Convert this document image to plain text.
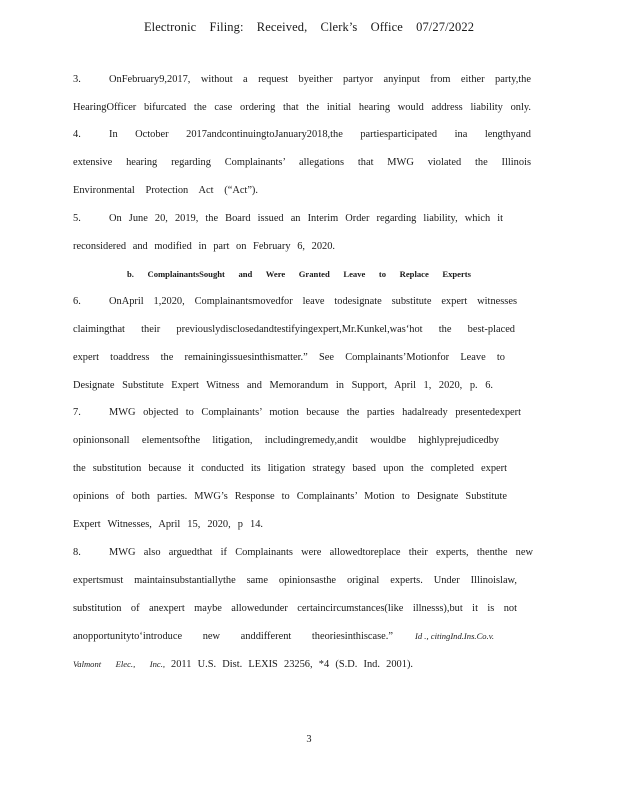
Electronic Filing: Received, Clerk’s Office 07/27/2022
3.	OnFebruary9,2017, without a request byeither partyor anyinput from either party,the
HearingOfficer bifurcated the case ordering that the initial hearing would address liability only.
4.	In October 2017andcontinuingtoJanuary2018,the partiesparticipated ina lengthyand
extensive hearing regarding Complainants’ allegations that MWG violated the Illinois
Environmental Protection Act (“Act”).
5.	On June 20, 2019, the Board issued an Interim Order regarding liability, which it
reconsidered and modified in part on February 6, 2020.
b. ComplainantsSought and Were Granted Leave to Replace Experts
6.	OnApril 1,2020, Complainantsmovedfor leave todesignate substitute expert witnesses
claimingthat their previouslydisclosedandtestifyingexpert,Mr.Kunkel,was‘hot the best-placed
expert toaddress the remainingissuesinthismatter.” See Complainants’Motionfor Leave to
Designate Substitute Expert Witness and Memorandum in Support, April 1, 2020, p. 6.
7.	MWG objected to Complainants’ motion because the parties hadalready presentedexpert
opinionsonall elementsofthe litigation, includingremedy,andit wouldbe highlyprejudicedby
the substitution because it conducted its litigation strategy based upon the completed expert
opinions of both parties. MWG’s Response to Complainants’ Motion to Designate Substitute
Expert Witnesses, April 15, 2020, p 14.
8.	MWG also arguedthat if Complainants were allowedtoreplace their experts, thenthe new
expertsmust maintainsubstantiallythe same opinionsasthe original experts. Under Illinoislaw,
substitution of anexpert maybe allowedunder certaincircumstances(like illnesss),but it is not
anopportunityto‘introduce new anddifferent theoriesinthiscase.”	Id ., citingInd.Ins.Co.v.
Valmont Elec., Inc., 2011 U.S. Dist. LEXIS 23256, *4 (S.D. Ind. 2001).
3
